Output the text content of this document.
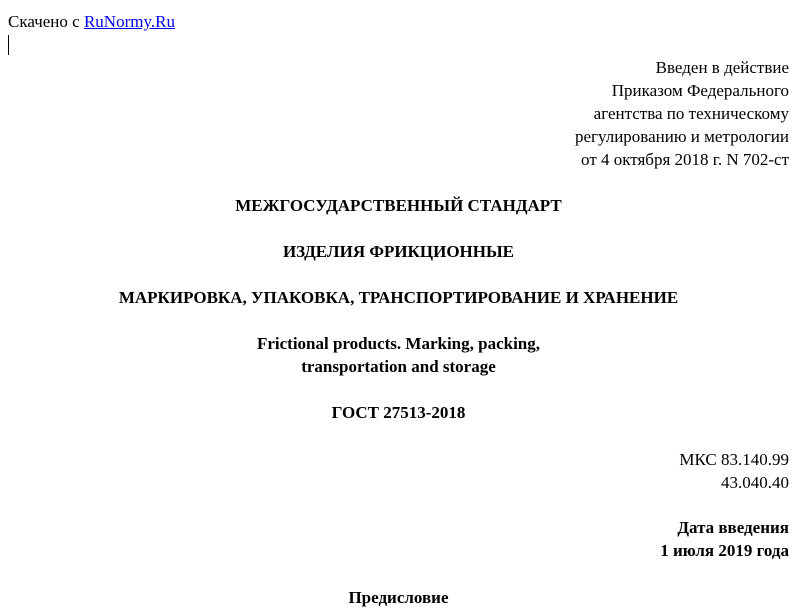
Скачено с RuNormy.Ru
Введен в действие
Приказом Федерального
агентства по техническому
регулированию и метрологии
от 4 октября 2018 г. N 702-ст
МЕЖГОСУДАРСТВЕННЫЙ СТАНДАРТ
ИЗДЕЛИЯ ФРИКЦИОННЫЕ
МАРКИРОВКА, УПАКОВКА, ТРАНСПОРТИРОВАНИЕ И ХРАНЕНИЕ
Frictional products. Marking, packing,
transportation and storage
ГОСТ 27513-2018
МКС 83.140.99
43.040.40
Дата введения
1 июля 2019 года
Предисловие
